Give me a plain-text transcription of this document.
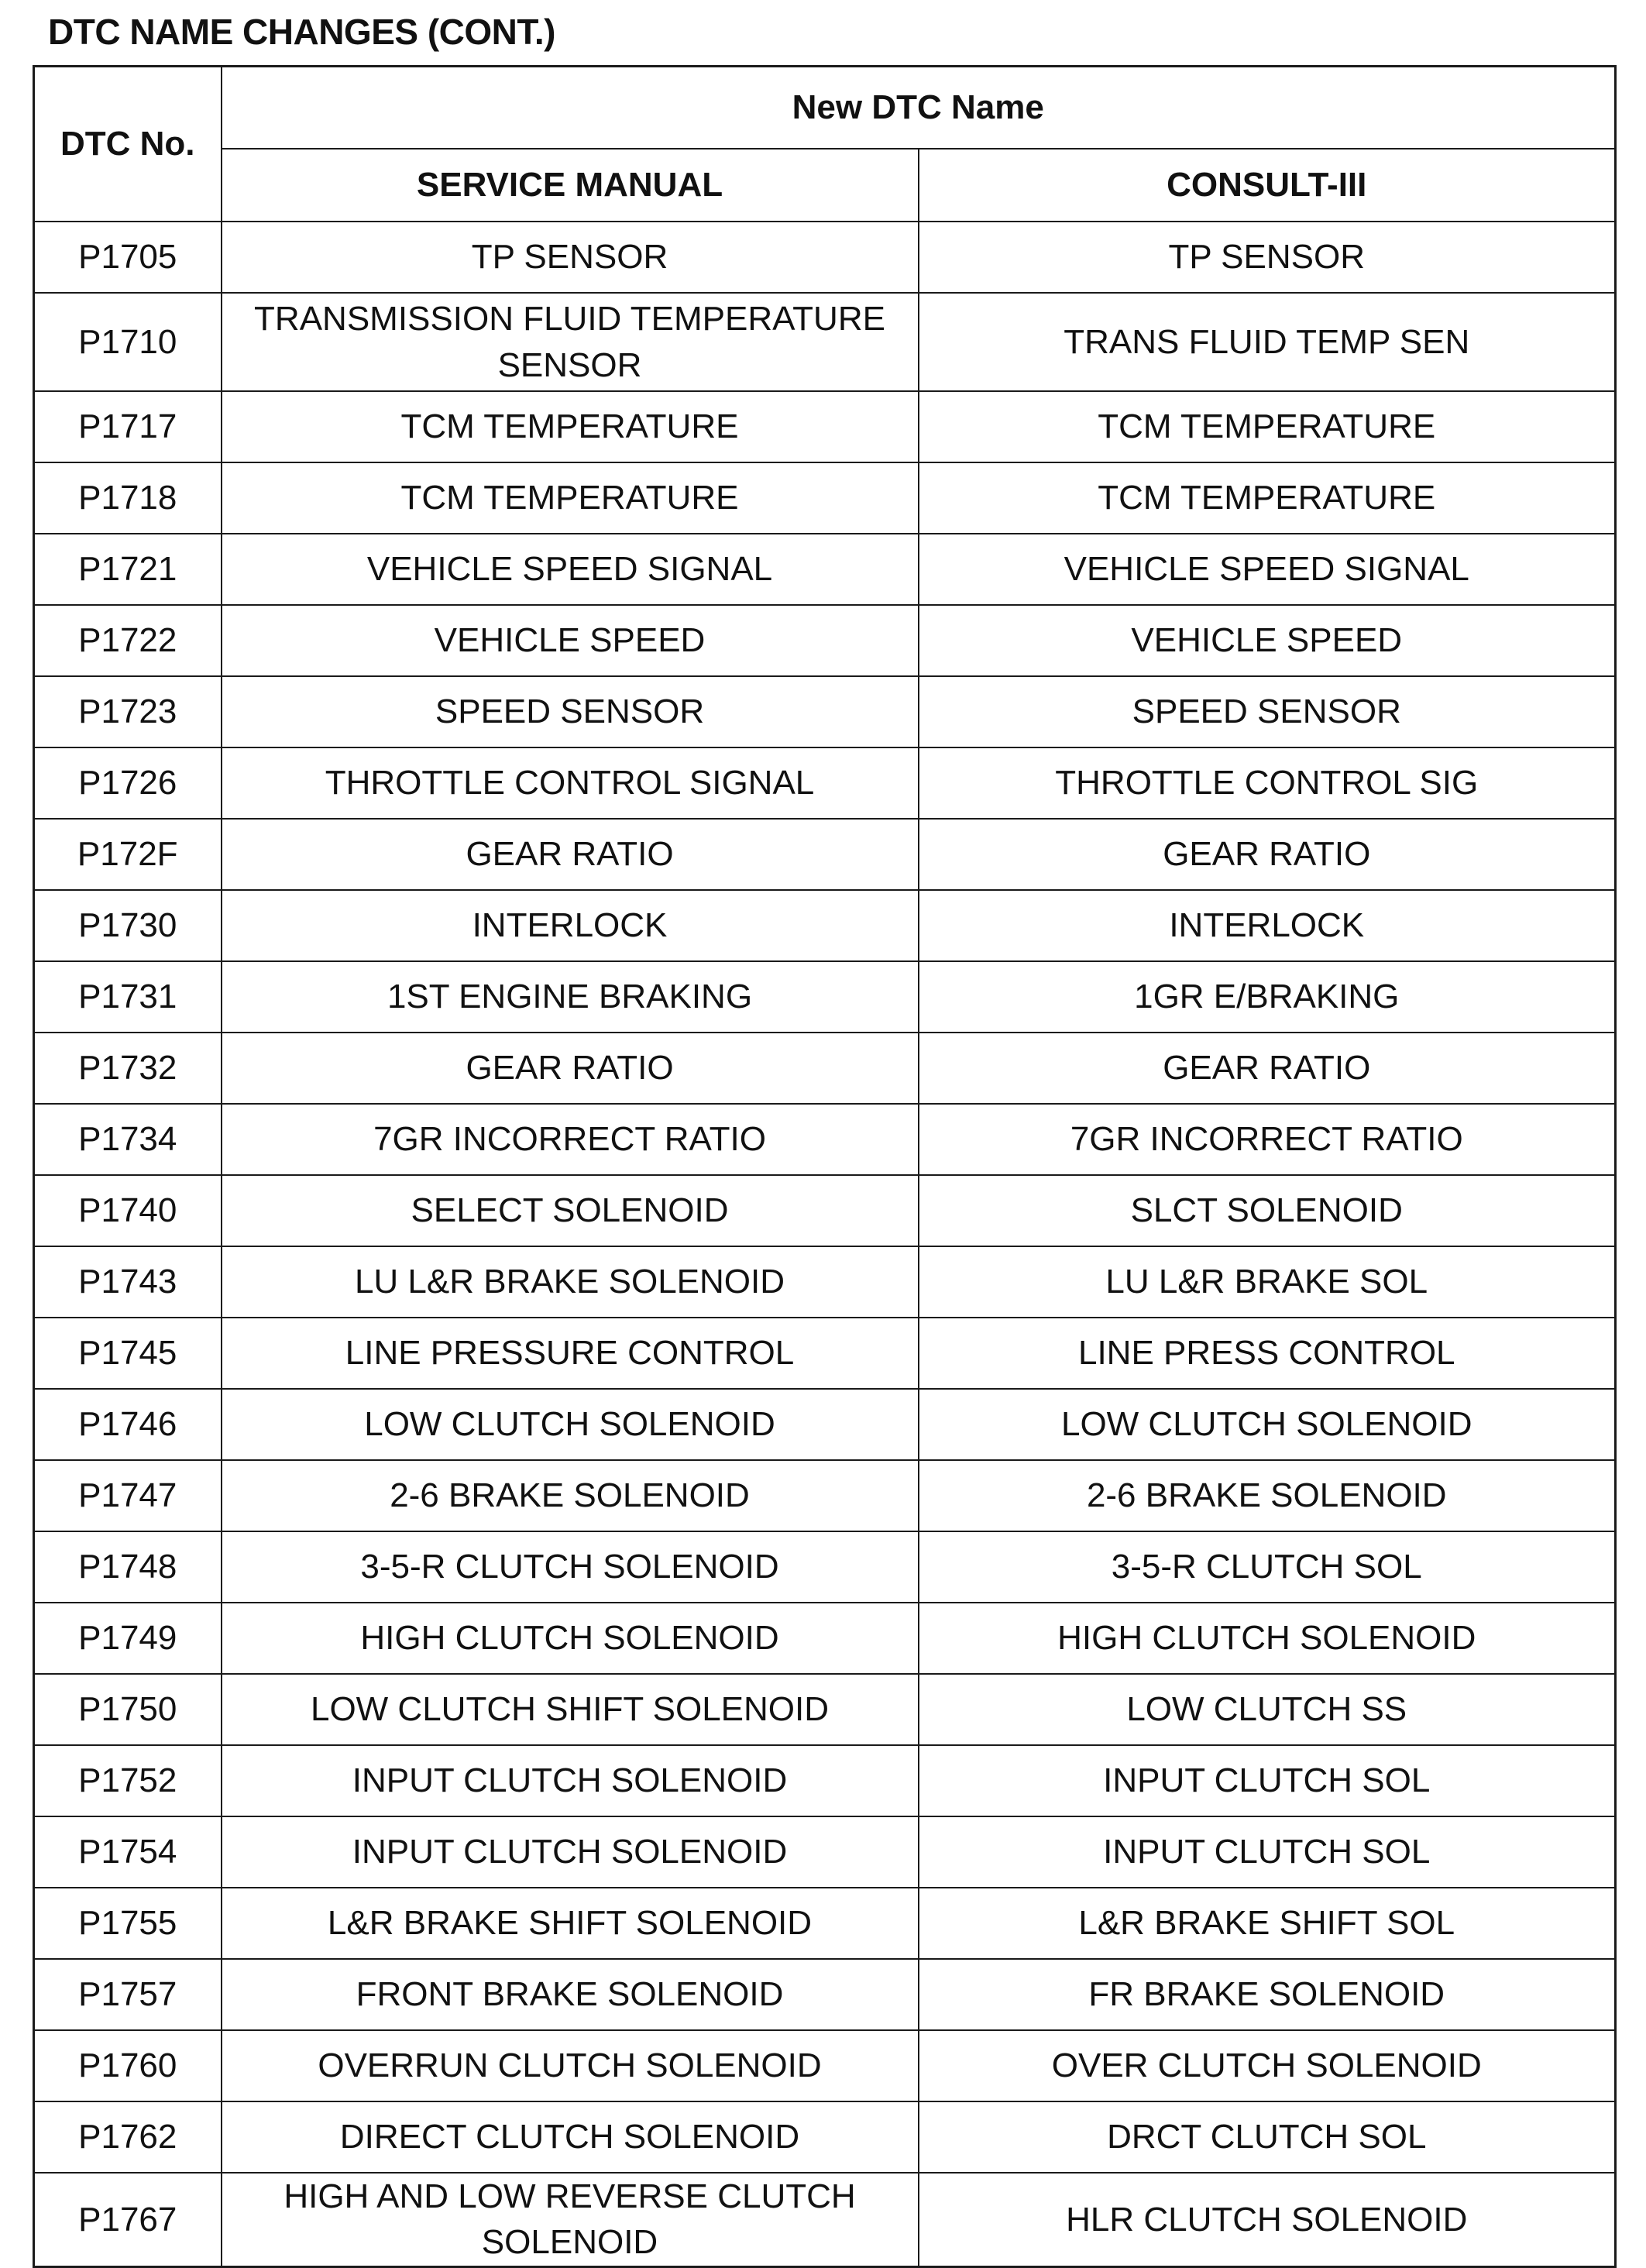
DTC NAME CHANGES (CONT.)
DTC No.	New DTC Name	
	SERVICE MANUAL	CONSULT-III
P1705	TP SENSOR	TP SENSOR
P1710	TRANSMISSION FLUID TEMPERATURE SENSOR	TRANS FLUID TEMP SEN
P1717	TCM TEMPERATURE	TCM TEMPERATURE
P1718	TCM TEMPERATURE	TCM TEMPERATURE
P1721	VEHICLE SPEED SIGNAL	VEHICLE SPEED SIGNAL
P1722	VEHICLE SPEED	VEHICLE SPEED
P1723	SPEED SENSOR	SPEED SENSOR
P1726	THROTTLE CONTROL SIGNAL	THROTTLE CONTROL SIG
P172F	GEAR RATIO	GEAR RATIO
P1730	INTERLOCK	INTERLOCK
P1731	1ST ENGINE BRAKING	1GR E/BRAKING
P1732	GEAR RATIO	GEAR RATIO
P1734	7GR INCORRECT RATIO	7GR INCORRECT RATIO
P1740	SELECT SOLENOID	SLCT SOLENOID
P1743	LU L&R BRAKE SOLENOID	LU L&R BRAKE SOL
P1745	LINE PRESSURE CONTROL	LINE PRESS CONTROL
P1746	LOW CLUTCH SOLENOID	LOW CLUTCH SOLENOID
P1747	2-6 BRAKE SOLENOID	2-6 BRAKE SOLENOID
P1748	3-5-R CLUTCH SOLENOID	3-5-R CLUTCH SOL
P1749	HIGH CLUTCH SOLENOID	HIGH CLUTCH SOLENOID
P1750	LOW CLUTCH SHIFT SOLENOID	LOW CLUTCH SS
P1752	INPUT CLUTCH SOLENOID	INPUT CLUTCH SOL
P1754	INPUT CLUTCH SOLENOID	INPUT CLUTCH SOL
P1755	L&R BRAKE SHIFT SOLENOID	L&R BRAKE SHIFT SOL
P1757	FRONT BRAKE SOLENOID	FR BRAKE SOLENOID
P1760	OVERRUN CLUTCH SOLENOID	OVER CLUTCH SOLENOID
P1762	DIRECT CLUTCH SOLENOID	DRCT CLUTCH SOL
P1767	HIGH AND LOW REVERSE CLUTCH SOLENOID	HLR CLUTCH SOLENOID
